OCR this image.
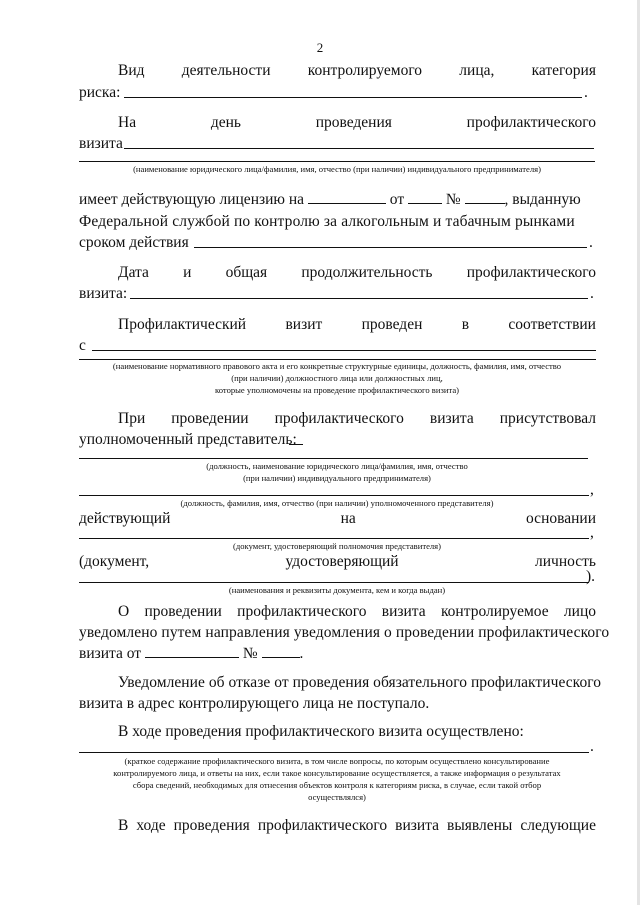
2
Вид деятельности контролируемого лица, категория
риска:	.
На	день	проведения	профилактического
визита
(наименование юридического лица/фамилия, имя, отчество (при наличии) индивидуального предпринимателя)
имеет действующую лицензию на	от	№	, выданную
Федеральной службой по контролю за алкогольным и табачным рынками
сроком действия	.
Дата и общая продолжительность профилактического
визита:	.
Профилактический	визит	проведен	в	соответствии
с
(наименование нормативного правового акта и его конкретные структурные единицы, должность, фамилия, имя, отчество
(при наличии) должностного лица или должностных лиц,
которые уполномочены на проведение профилактического визита)
При проведении профилактического визита присутствовал
уполномоченный представитель:
(должность, наименование юридического лица/фамилия, имя, отчество
(при наличии) индивидуального предпринимателя)
,
(должность, фамилия, имя, отчество (при наличии) уполномоченного представителя)
действующий	на	основании
,
(документ, удостоверяющий полномочия представителя)
(документ,	удостоверяющий	личность
).
(наименования и реквизиты документа, кем и когда выдан)
О проведении профилактического визита контролируемое лицо
уведомлено путем направления уведомления о проведении профилактического
визита от	№	.
Уведомление об отказе от проведения обязательного профилактического
визита в адрес контролирующего лица не поступало.
В ходе проведения профилактического визита осуществлено:
.
(краткое содержание профилактического визита, в том числе вопросы, по которым осуществлено консультирование
контролируемого лица, и ответы на них, если такое консультирование осуществляется, а также информация о результатах
сбора сведений, необходимых для отнесения объектов контроля к категориям риска, в случае, если такой отбор
осуществлялся)
В ходе проведения профилактического визита выявлены следующие
